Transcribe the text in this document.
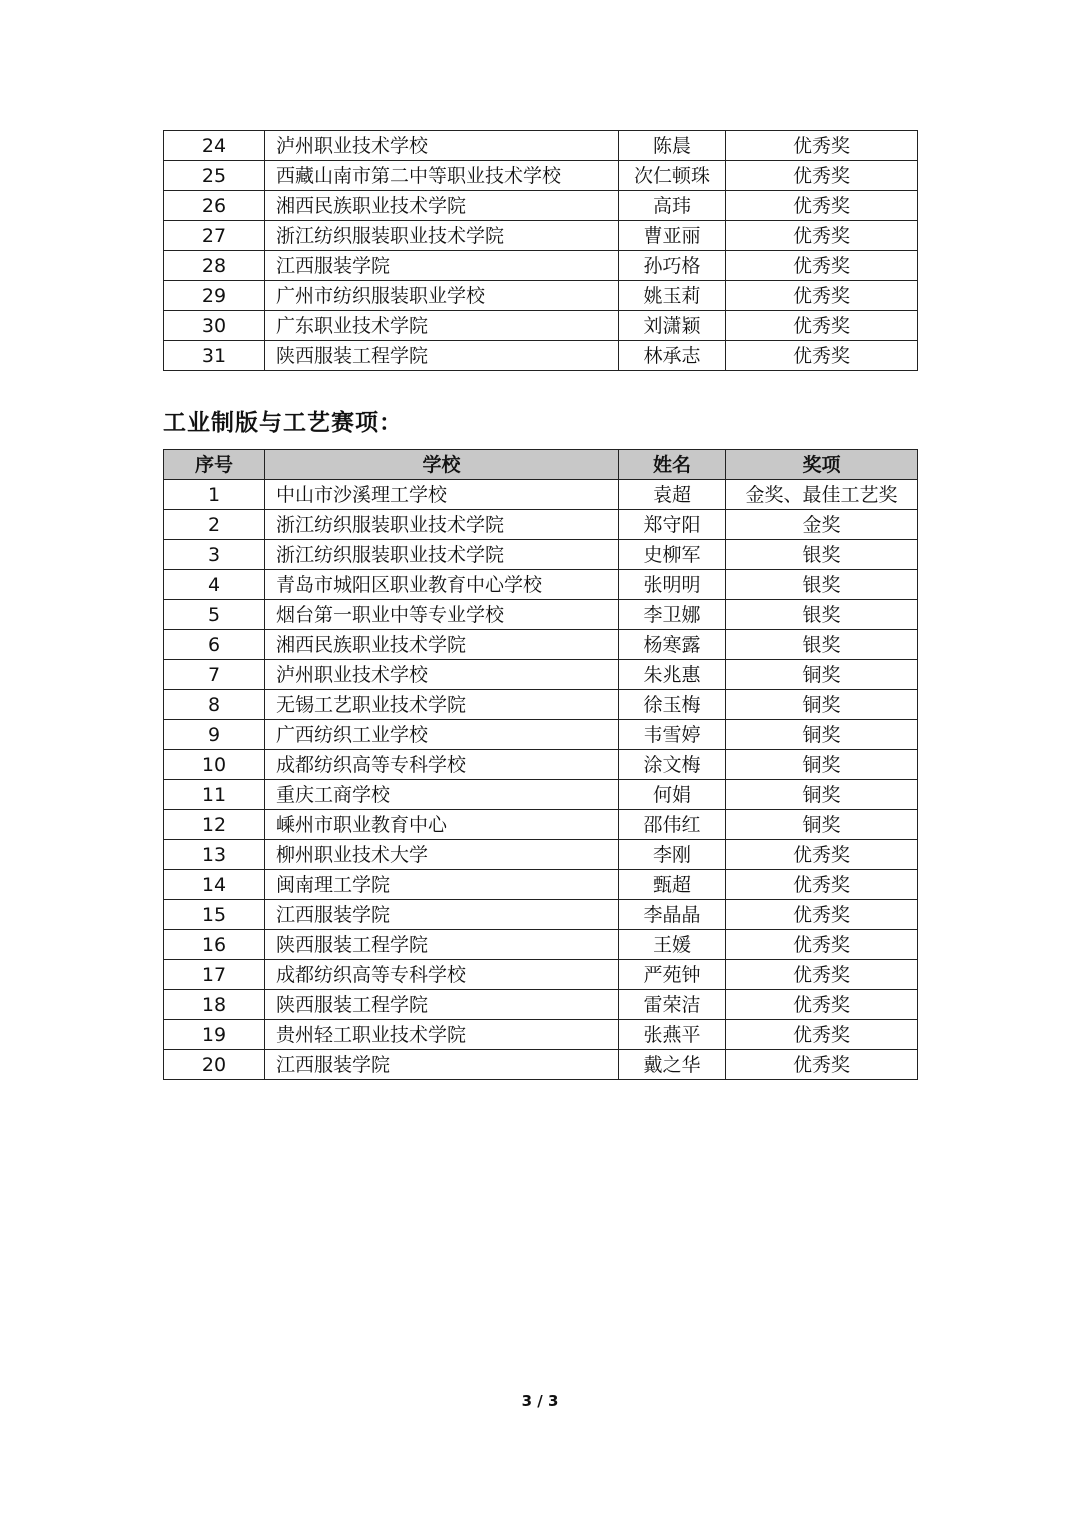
24	泸州职业技术学校	陈晨	优秀奖
25	西藏山南市第二中等职业技术学校	次仁顿珠	优秀奖
26	湘西民族职业技术学院	高玮	优秀奖
27	浙江纺织服装职业技术学院	曹亚丽	优秀奖
28	江西服装学院	孙巧格	优秀奖
29	广州市纺织服装职业学校	姚玉莉	优秀奖
30	广东职业技术学院	刘潇颖	优秀奖
31	陕西服装工程学院	林承志	优秀奖
工业制版与工艺赛项：
序号	学校	姓名	奖项
1	中山市沙溪理工学校	袁超	金奖、最佳工艺奖
2	浙江纺织服装职业技术学院	郑守阳	金奖
3	浙江纺织服装职业技术学院	史柳军	银奖
4	青岛市城阳区职业教育中心学校	张明明	银奖
5	烟台第一职业中等专业学校	李卫娜	银奖
6	湘西民族职业技术学院	杨寒露	银奖
7	泸州职业技术学校	朱兆惠	铜奖
8	无锡工艺职业技术学院	徐玉梅	铜奖
9	广西纺织工业学校	韦雪婷	铜奖
10	成都纺织高等专科学校	涂文梅	铜奖
11	重庆工商学校	何娟	铜奖
12	嵊州市职业教育中心	邵伟红	铜奖
13	柳州职业技术大学	李刚	优秀奖
14	闽南理工学院	甄超	优秀奖
15	江西服装学院	李晶晶	优秀奖
16	陕西服装工程学院	王媛	优秀奖
17	成都纺织高等专科学校	严苑钟	优秀奖
18	陕西服装工程学院	雷荣洁	优秀奖
19	贵州轻工职业技术学院	张燕平	优秀奖
20	江西服装学院	戴之华	优秀奖
3 / 3
